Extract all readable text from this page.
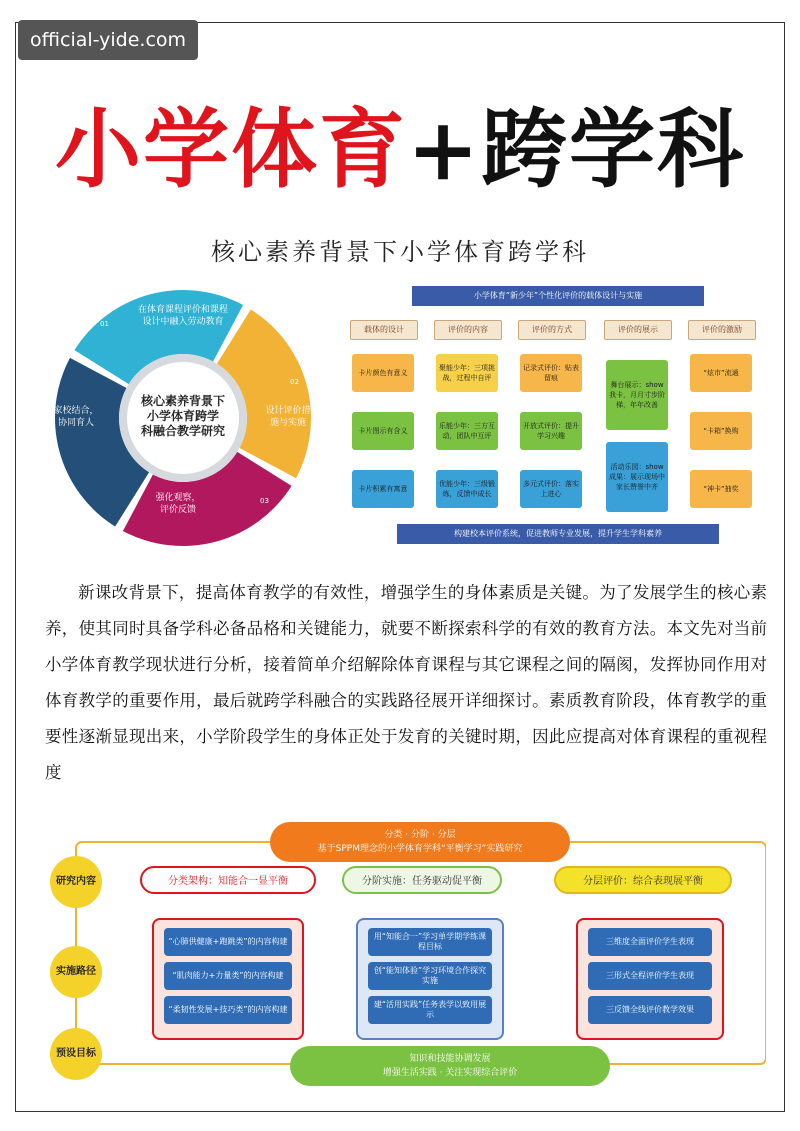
official-yide.com
小学体育+跨学科
核心素养背景下小学体育跨学科
核心素养背景下小学体育跨学科融合教学研究
在体育课程评价和课程设计中融入劳动教育
设计评价措施与实施
强化观察，评价反馈
家校结合，协同育人
01
02
03
04
小学体育“新少年”个性化评价的载体设计与实施
构建校本评价系统，促进教师专业发展，提升学生学科素养
载体的设计
卡片颜色有意义
卡片图示有含义
卡片积累有寓意
评价的内容
聚能少年：三项挑战，过程中自评
乐能少年：三方互动，团队中互评
优能少年：三级锻炼，反馈中成长
评价的方式
记录式评价：贴表留痕
开放式评价：提升学习兴趣
多元式评价：落实上进心
评价的展示
舞台展示：show 我卡，月月寸步阶梯，年年改善
活动乐园：show 成果：展示现场中家长赞誉中齐
评价的激励
“炫市”流通
“卡箱”换购
“神卡”抽奖
新课改背景下，提高体育教学的有效性，增强学生的身体素质是关键。为了发展学生的核心素养，使其同时具备学科必备品格和关键能力，就要不断探索科学的有效的教育方法。本文先对当前小学体育教学现状进行分析，接着简单介绍解除体育课程与其它课程之间的隔阂，发挥协同作用对体育教学的重要作用，最后就跨学科融合的实践路径展开详细探讨。素质教育阶段，体育教学的重要性逐渐显现出来，小学阶段学生的身体正处于发育的关键时期，因此应提高对体育课程的重视程度
分类 · 分阶 · 分层
基于SPPM理念的小学体育学科“平衡学习”实践研究
知识和技能协调发展
增强生活实践 · 关注实现综合评价
研究内容
实施路径
预设目标
分类架构：知能合一显平衡	分阶实施：任务驱动促平衡	分层评价：综合表现展平衡
“心肺供健康+跑跳类”的内容构建
“肌肉能力+力量类”的内容构建
“柔韧性发展+技巧类”的内容构建
用“知能合一”学习单学期学练课程目标
创“能知体验”学习环境合作探究实施
建“活用实践”任务表学以致用展示
三维度全面评价学生表现
三形式全程评价学生表现
三反馈全线评价教学效果
